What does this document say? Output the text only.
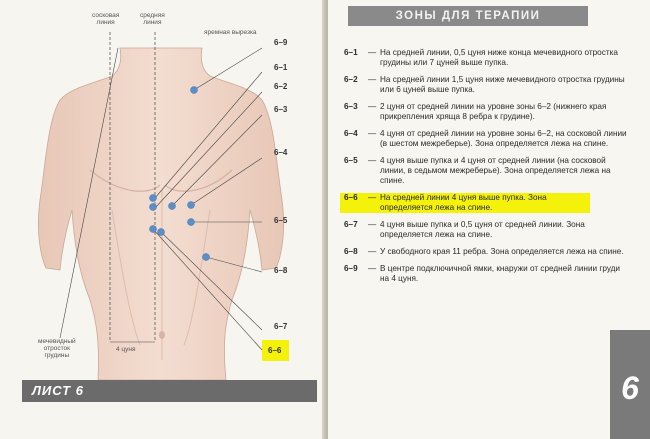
сосковая
линия
средняя
линия
яремная вырезка
мечевидный
отросток
грудины
4 цуня
6–9
6–1
6–2
6–3
6–4
6–5
6–8
6–7
6–6
ЛИСТ 6
ЗОНЫ ДЛЯ ТЕРАПИИ
6–1	— На средней линии, 0,5 цуня ниже конца мечевидного отростка грудины или 7 цуней выше пупка.
6–2	— На средней линии 1,5 цуня ниже мечевидного отростка грудины или 6 цуней выше пупка.
6–3	— 2 цуня от средней линии на уровне зоны 6–2 (нижнего края прикрепления хряща 8 ребра к грудине).
6–4	— 4 цуня от средней линии на уровне зоны 6–2, на сосковой линии (в шестом межреберье). Зона определяется лежа на спине.
6–5	— 4 цуня выше пупка и 4 цуня от средней линии (на сосковой линии, в седьмом межреберье). Зона определяется лежа на спине.
6–6	— На средней линии 4 цуня выше пупка. Зона определяется лежа на спине.
6–7	— 4 цуня выше пупка и 0,5 цуня от средней линии. Зона определяется лежа на спине.
6–8	— У свободного края 11 ребра. Зона определяется лежа на спине.
6–9	— В центре подключичной ямки, кнаружи от средней линии груди на 4 цуня.
6
